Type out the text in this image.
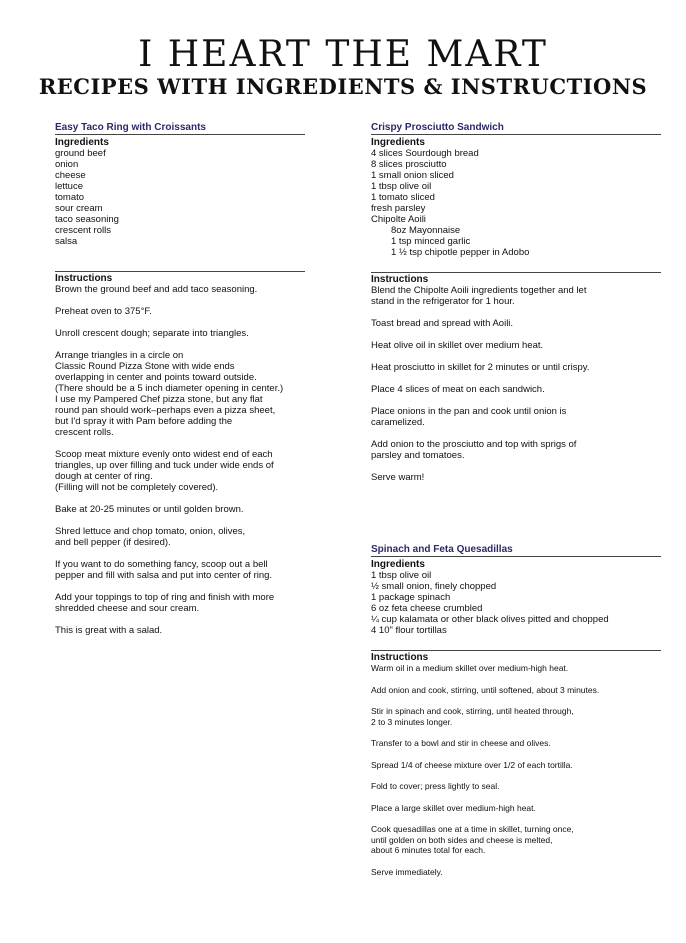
I HEART THE MART
RECIPES WITH INGREDIENTS & INSTRUCTIONS
Easy Taco Ring with Croissants
Ingredients
ground beef
onion
cheese
lettuce
tomato
sour cream
taco seasoning
crescent rolls
salsa
Instructions

Brown the ground beef and add taco seasoning.

Preheat oven to 375°F.

Unroll crescent dough; separate into triangles.

Arrange triangles in a circle on
Classic Round Pizza Stone with wide ends
overlapping in center and points toward outside.
(There should be a 5 inch diameter opening in center.)
I use my Pampered Chef pizza stone, but any flat
round pan should work–perhaps even a pizza sheet,
but I'd spray it with Pam before adding the
crescent rolls.

Scoop meat mixture evenly onto widest end of each
triangles, up over filling and tuck under wide ends of
dough at center of ring.
(Filling will not be completely covered).

Bake at 20-25 minutes or until golden brown.

Shred lettuce and chop tomato, onion, olives,
and bell pepper (if desired).

If you want to do something fancy, scoop out a bell
pepper and fill with salsa and put into center of ring.

Add your toppings to top of ring and finish with more
shredded cheese and sour cream.

This is great with a salad.

Crispy Prosciutto Sandwich
Ingredients
4 slices Sourdough bread
8 slices prosciutto
1 small onion sliced
1 tbsp olive oil
1 tomato sliced
fresh parsley
Chipolte Aoili
8oz Mayonnaise
1 tsp minced garlic
1 ½ tsp chipotle pepper in Adobo
Instructions

Blend the Chipolte Aoili ingredients together and let
stand in the refrigerator for 1 hour.

Toast bread and spread with Aoili.

Heat olive oil in skillet over medium heat.

Heat prosciutto in skillet for 2 minutes or until crispy.

Place 4 slices of meat on each sandwich.

Place onions in the pan and cook until onion is
caramelized.

Add onion to the prosciutto and top with sprigs of
parsley and tomatoes.

Serve warm!

Spinach and Feta Quesadillas
Ingredients
1 tbsp olive oil
½ small onion, finely chopped
1 package spinach
6 oz feta cheese crumbled
¼ cup kalamata or other black olives pitted and chopped
4 10" flour tortillas
Instructions

Warm oil in a medium skillet over medium-high heat.

Add onion and cook, stirring, until softened, about 3 minutes.

Stir in spinach and cook, stirring, until heated through,
2 to 3 minutes longer.

Transfer to a bowl and stir in cheese and olives.

Spread 1/4 of cheese mixture over 1/2 of each tortilla.

Fold to cover; press lightly to seal.

Place a large skillet over medium-high heat.

Cook quesadillas one at a time in skillet, turning once,
until golden on both sides and cheese is melted,
about 6 minutes total for each.

Serve immediately.
